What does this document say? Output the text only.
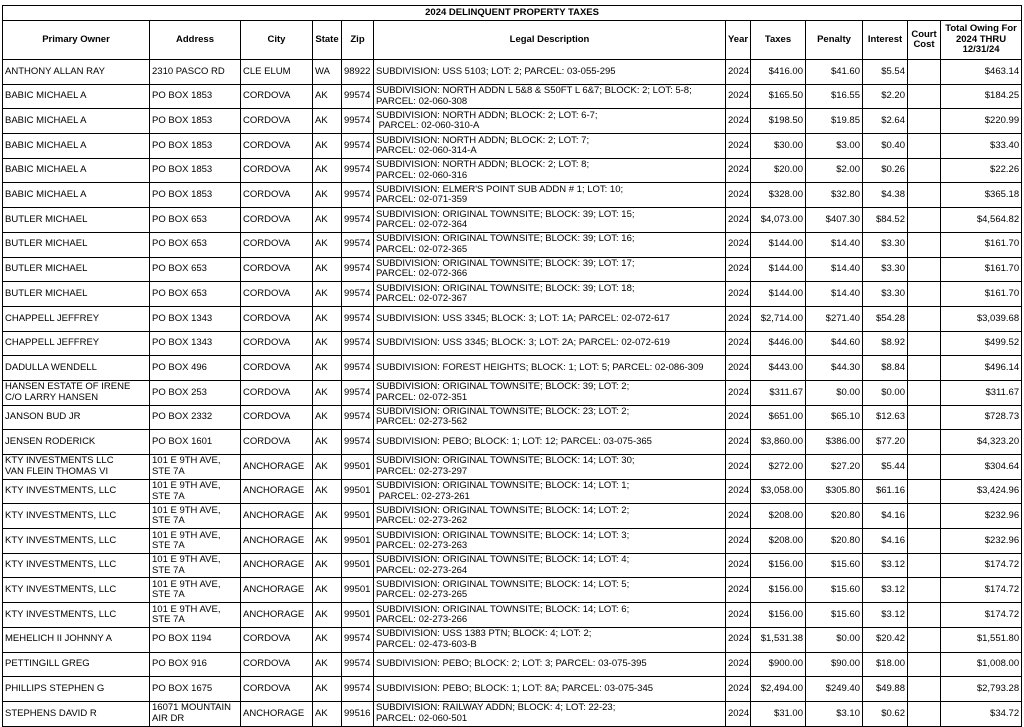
2024 DELINQUENT PROPERTY TAXES											
Primary Owner	Address	City	State	Zip	Legal Description	Year	Taxes	Penalty	Interest	Court
Cost	Total Owing For
2024 THRU
12/31/24
ANTHONY ALLAN RAY	2310 PASCO RD	CLE ELUM	WA	98922	SUBDIVISION: USS 5103; LOT: 2; PARCEL: 03-055-295	2024	$416.00	$41.60	$5.54		$463.14
BABIC MICHAEL A	PO BOX 1853	CORDOVA	AK	99574	SUBDIVISION: NORTH ADDN L 5&8 & S50FT L 6&7; BLOCK: 2; LOT: 5-8;
PARCEL: 02-060-308	2024	$165.50	$16.55	$2.20		$184.25
BABIC MICHAEL A	PO BOX 1853	CORDOVA	AK	99574	SUBDIVISION: NORTH ADDN; BLOCK: 2; LOT: 6-7;
PARCEL: 02-060-310-A	2024	$198.50	$19.85	$2.64		$220.99
BABIC MICHAEL A	PO BOX 1853	CORDOVA	AK	99574	SUBDIVISION: NORTH ADDN; BLOCK: 2; LOT: 7;
PARCEL: 02-060-314-A	2024	$30.00	$3.00	$0.40		$33.40
BABIC MICHAEL A	PO BOX 1853	CORDOVA	AK	99574	SUBDIVISION: NORTH ADDN; BLOCK: 2; LOT: 8;
PARCEL: 02-060-316	2024	$20.00	$2.00	$0.26		$22.26
BABIC MICHAEL A	PO BOX 1853	CORDOVA	AK	99574	SUBDIVISION: ELMER'S POINT SUB ADDN # 1; LOT: 10;
PARCEL: 02-071-359	2024	$328.00	$32.80	$4.38		$365.18
BUTLER MICHAEL	PO BOX 653	CORDOVA	AK	99574	SUBDIVISION: ORIGINAL TOWNSITE; BLOCK: 39; LOT: 15;
PARCEL: 02-072-364	2024	$4,073.00	$407.30	$84.52		$4,564.82
BUTLER MICHAEL	PO BOX 653	CORDOVA	AK	99574	SUBDIVISION: ORIGINAL TOWNSITE; BLOCK: 39; LOT: 16;
PARCEL: 02-072-365	2024	$144.00	$14.40	$3.30		$161.70
BUTLER MICHAEL	PO BOX 653	CORDOVA	AK	99574	SUBDIVISION: ORIGINAL TOWNSITE; BLOCK: 39; LOT: 17;
PARCEL: 02-072-366	2024	$144.00	$14.40	$3.30		$161.70
BUTLER MICHAEL	PO BOX 653	CORDOVA	AK	99574	SUBDIVISION: ORIGINAL TOWNSITE; BLOCK: 39; LOT: 18;
PARCEL: 02-072-367	2024	$144.00	$14.40	$3.30		$161.70
CHAPPELL JEFFREY	PO BOX 1343	CORDOVA	AK	99574	SUBDIVISION: USS 3345; BLOCK: 3; LOT: 1A; PARCEL: 02-072-617	2024	$2,714.00	$271.40	$54.28		$3,039.68
CHAPPELL JEFFREY	PO BOX 1343	CORDOVA	AK	99574	SUBDIVISION: USS 3345; BLOCK: 3; LOT: 2A; PARCEL: 02-072-619	2024	$446.00	$44.60	$8.92		$499.52
DADULLA WENDELL	PO BOX 496	CORDOVA	AK	99574	SUBDIVISION: FOREST HEIGHTS; BLOCK: 1; LOT: 5; PARCEL: 02-086-309	2024	$443.00	$44.30	$8.84		$496.14
HANSEN ESTATE OF IRENE
C/O LARRY HANSEN	PO BOX 253	CORDOVA	AK	99574	SUBDIVISION: ORIGINAL TOWNSITE; BLOCK: 39; LOT: 2;
PARCEL: 02-072-351	2024	$311.67	$0.00	$0.00		$311.67
JANSON BUD JR	PO BOX 2332	CORDOVA	AK	99574	SUBDIVISION: ORIGINAL TOWNSITE; BLOCK: 23; LOT: 2;
PARCEL: 02-273-562	2024	$651.00	$65.10	$12.63		$728.73
JENSEN RODERICK	PO BOX 1601	CORDOVA	AK	99574	SUBDIVISION: PEBO; BLOCK: 1; LOT: 12; PARCEL: 03-075-365	2024	$3,860.00	$386.00	$77.20		$4,323.20
KTY INVESTMENTS LLC
VAN FLEIN THOMAS VI	101 E 9TH AVE,
STE 7A	ANCHORAGE	AK	99501	SUBDIVISION: ORIGINAL TOWNSITE; BLOCK: 14; LOT: 30;
PARCEL: 02-273-297	2024	$272.00	$27.20	$5.44		$304.64
KTY INVESTMENTS, LLC	101 E 9TH AVE,
STE 7A	ANCHORAGE	AK	99501	SUBDIVISION: ORIGINAL TOWNSITE; BLOCK: 14; LOT: 1;
PARCEL: 02-273-261	2024	$3,058.00	$305.80	$61.16		$3,424.96
KTY INVESTMENTS, LLC	101 E 9TH AVE,
STE 7A	ANCHORAGE	AK	99501	SUBDIVISION: ORIGINAL TOWNSITE; BLOCK: 14; LOT: 2;
PARCEL: 02-273-262	2024	$208.00	$20.80	$4.16		$232.96
KTY INVESTMENTS, LLC	101 E 9TH AVE,
STE 7A	ANCHORAGE	AK	99501	SUBDIVISION: ORIGINAL TOWNSITE; BLOCK: 14; LOT: 3;
PARCEL: 02-273-263	2024	$208.00	$20.80	$4.16		$232.96
KTY INVESTMENTS, LLC	101 E 9TH AVE,
STE 7A	ANCHORAGE	AK	99501	SUBDIVISION: ORIGINAL TOWNSITE; BLOCK: 14; LOT: 4;
PARCEL: 02-273-264	2024	$156.00	$15.60	$3.12		$174.72
KTY INVESTMENTS, LLC	101 E 9TH AVE,
STE 7A	ANCHORAGE	AK	99501	SUBDIVISION: ORIGINAL TOWNSITE; BLOCK: 14; LOT: 5;
PARCEL: 02-273-265	2024	$156.00	$15.60	$3.12		$174.72
KTY INVESTMENTS, LLC	101 E 9TH AVE,
STE 7A	ANCHORAGE	AK	99501	SUBDIVISION: ORIGINAL TOWNSITE; BLOCK: 14; LOT: 6;
PARCEL: 02-273-266	2024	$156.00	$15.60	$3.12		$174.72
MEHELICH II JOHNNY A	PO BOX 1194	CORDOVA	AK	99574	SUBDIVISION: USS 1383 PTN; BLOCK: 4; LOT: 2;
PARCEL: 02-473-603-B	2024	$1,531.38	$0.00	$20.42		$1,551.80
PETTINGILL GREG	PO BOX 916	CORDOVA	AK	99574	SUBDIVISION: PEBO; BLOCK: 2; LOT: 3; PARCEL: 03-075-395	2024	$900.00	$90.00	$18.00		$1,008.00
PHILLIPS STEPHEN G	PO BOX 1675	CORDOVA	AK	99574	SUBDIVISION: PEBO; BLOCK: 1; LOT: 8A; PARCEL: 03-075-345	2024	$2,494.00	$249.40	$49.88		$2,793.28
STEPHENS DAVID R	16071 MOUNTAIN
AIR DR	ANCHORAGE	AK	99516	SUBDIVISION: RAILWAY ADDN; BLOCK: 4; LOT: 22-23;
PARCEL: 02-060-501	2024	$31.00	$3.10	$0.62		$34.72
